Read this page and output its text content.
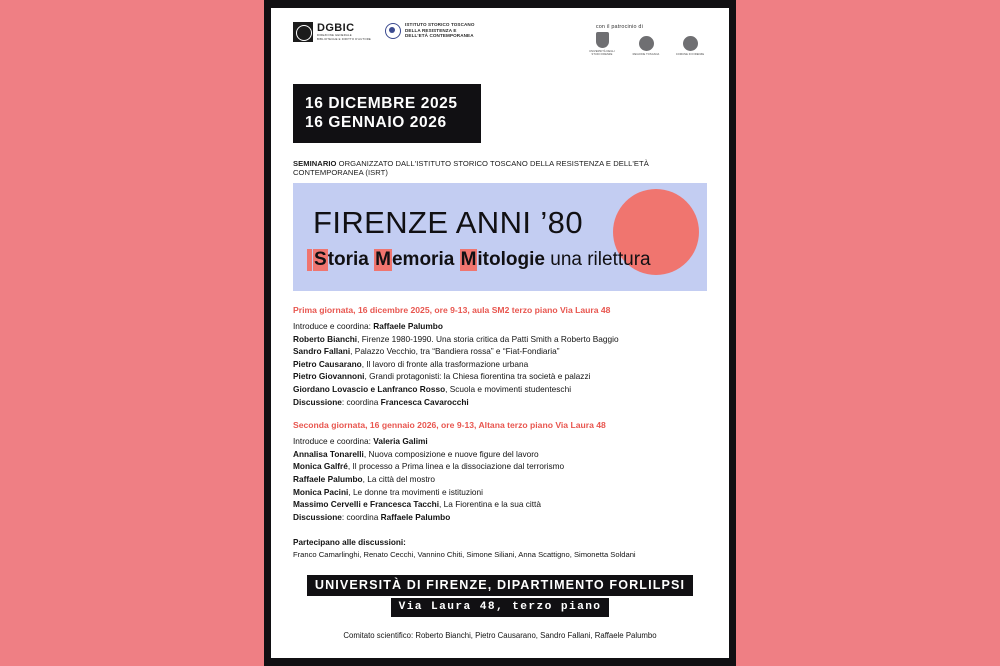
DGBIC
DIREZIONE GENERALE
BIBLIOTECHE E DIRITTO D'AUTORE
ISTITUTO STORICO TOSCANO
DELLA RESISTENZA E
DELL'ETÀ CONTEMPORANEA
con il patrocinio di
UNIVERSITÀ DEGLI STUDI FIRENZE	REGIONE TOSCANA	COMUNE DI FIRENZE
16 DICEMBRE 2025
16 GENNAIO 2026
SEMINARIO ORGANIZZATO DALL'ISTITUTO STORICO TOSCANO DELLA RESISTENZA E DELL'ETÀ CONTEMPORANEA (ISRT)
FIRENZE ANNI ’80
Storia Memoria Mitologie una rilettura
Prima giornata, 16 dicembre 2025, ore 9-13, aula SM2 terzo piano Via Laura 48
Introduce e coordina: Raffaele Palumbo
Roberto Bianchi, Firenze 1980-1990. Una storia critica da Patti Smith a Roberto Baggio
Sandro Fallani, Palazzo Vecchio, tra “Bandiera rossa” e “Fiat-Fondiaria”
Pietro Causarano, Il lavoro di fronte alla trasformazione urbana
Pietro Giovannoni, Grandi protagonisti: la Chiesa fiorentina tra società e palazzi
Giordano Lovascio e Lanfranco Rosso, Scuola e movimenti studenteschi
Discussione: coordina Francesca Cavarocchi
Seconda giornata, 16 gennaio 2026, ore 9-13, Altana terzo piano Via Laura 48
Introduce e coordina: Valeria Galimi
Annalisa Tonarelli, Nuova composizione e nuove figure del lavoro
Monica Galfré, Il processo a Prima linea e la dissociazione dal terrorismo
Raffaele Palumbo, La città del mostro
Monica Pacini, Le donne tra movimenti e istituzioni
Massimo Cervelli e Francesca Tacchi, La Fiorentina e la sua città
Discussione: coordina Raffaele Palumbo
Partecipano alle discussioni:
Franco Camarlinghi, Renato Cecchi, Vannino Chiti, Simone Siliani, Anna Scattigno, Simonetta Soldani
UNIVERSITÀ DI FIRENZE, DIPARTIMENTO FORLILPSI
Via Laura 48, terzo piano
Comitato scientifico: Roberto Bianchi, Pietro Causarano, Sandro Fallani, Raffaele Palumbo
